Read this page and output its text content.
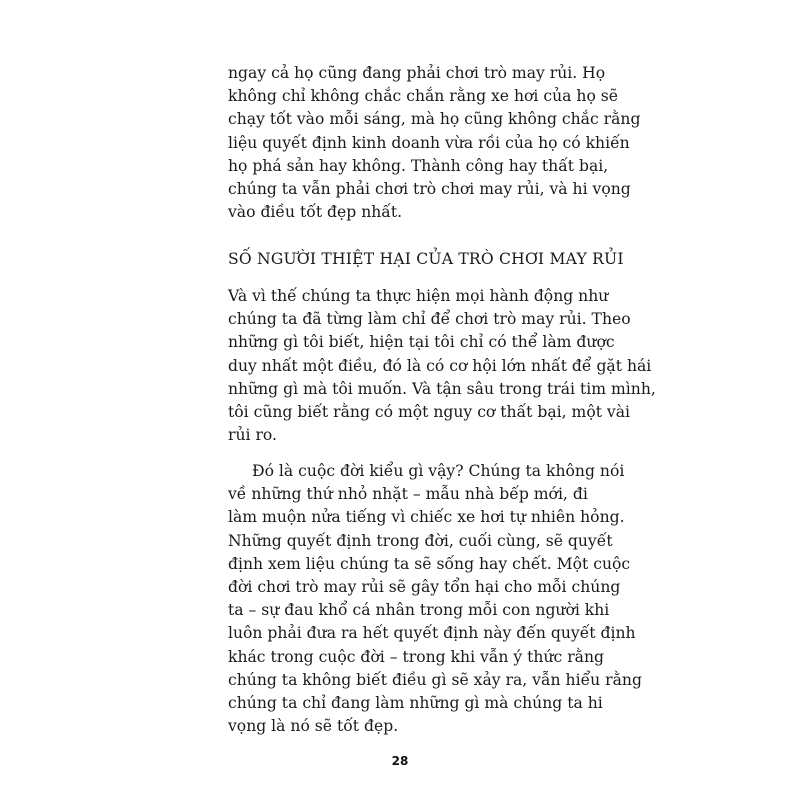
ngay cả họ cũng đang phải chơi trò may rủi. Họ
không chỉ không chắc chắn rằng xe hơi của họ sẽ
chạy tốt vào mỗi sáng, mà họ cũng không chắc rằng
liệu quyết định kinh doanh vừa rồi của họ có khiến
họ phá sản hay không. Thành công hay thất bại,
chúng ta vẫn phải chơi trò chơi may rủi, và hi vọng
vào điều tốt đẹp nhất.
SỐ NGƯỜI THIỆT HẠI CỦA TRÒ CHƠI MAY RỦI
Và vì thế chúng ta thực hiện mọi hành động như
chúng ta đã từng làm chỉ để chơi trò may rủi. Theo
những gì tôi biết, hiện tại tôi chỉ có thể làm được
duy nhất một điều, đó là có cơ hội lớn nhất để gặt hái
những gì mà tôi muốn. Và tận sâu trong trái tim mình,
tôi cũng biết rằng có một nguy cơ thất bại, một vài
rủi ro.
Đó là cuộc đời kiểu gì vậy? Chúng ta không nói
về những thứ nhỏ nhặt – mẫu nhà bếp mới, đi
làm muộn nửa tiếng vì chiếc xe hơi tự nhiên hỏng.
Những quyết định trong đời, cuối cùng, sẽ quyết
định xem liệu chúng ta sẽ sống hay chết. Một cuộc
đời chơi trò may rủi sẽ gây tổn hại cho mỗi chúng
ta – sự đau khổ cá nhân trong mỗi con người khi
luôn phải đưa ra hết quyết định này đến quyết định
khác trong cuộc đời – trong khi vẫn ý thức rằng
chúng ta không biết điều gì sẽ xảy ra, vẫn hiểu rằng
chúng ta chỉ đang làm những gì mà chúng ta hi
vọng là nó sẽ tốt đẹp.
28
